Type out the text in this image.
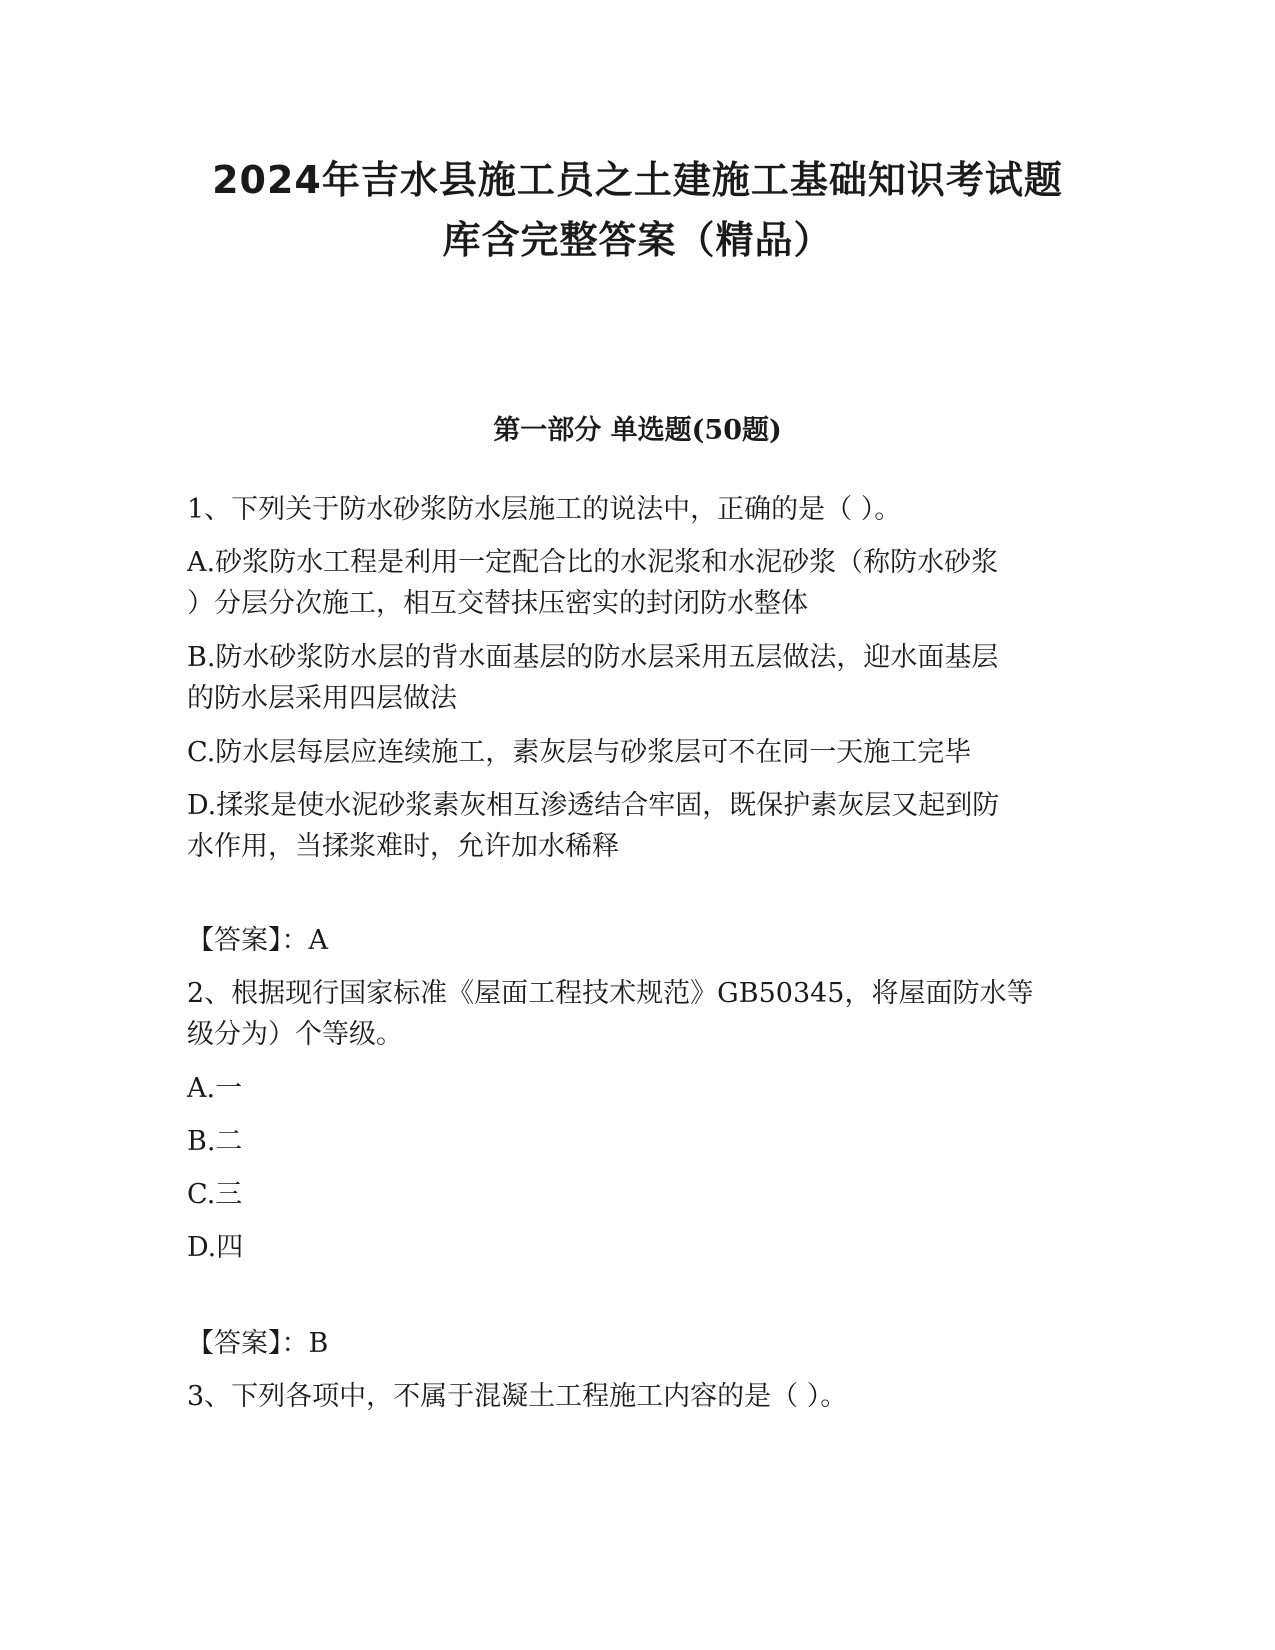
2024年吉水县施工员之土建施工基础知识考试题
库含完整答案（精品）
第一部分 单选题(50题)

1、下列关于防水砂浆防水层施工的说法中，正确的是（ ）。

A.砂浆防水工程是利用一定配合比的水泥浆和水泥砂浆（称防水砂浆

）分层分次施工，相互交替抹压密实的封闭防水整体

B.防水砂浆防水层的背水面基层的防水层采用五层做法，迎水面基层

的防水层采用四层做法

C.防水层每层应连续施工，素灰层与砂浆层可不在同一天施工完毕

D.揉浆是使水泥砂浆素灰相互渗透结合牢固，既保护素灰层又起到防

水作用，当揉浆难时，允许加水稀释

【答案】：A

2、根据现行国家标准《屋面工程技术规范》GB50345，将屋面防水等

级分为）个等级。

A.一

B.二

C.三

D.四

【答案】：B

3、下列各项中，不属于混凝土工程施工内容的是（ ）。
